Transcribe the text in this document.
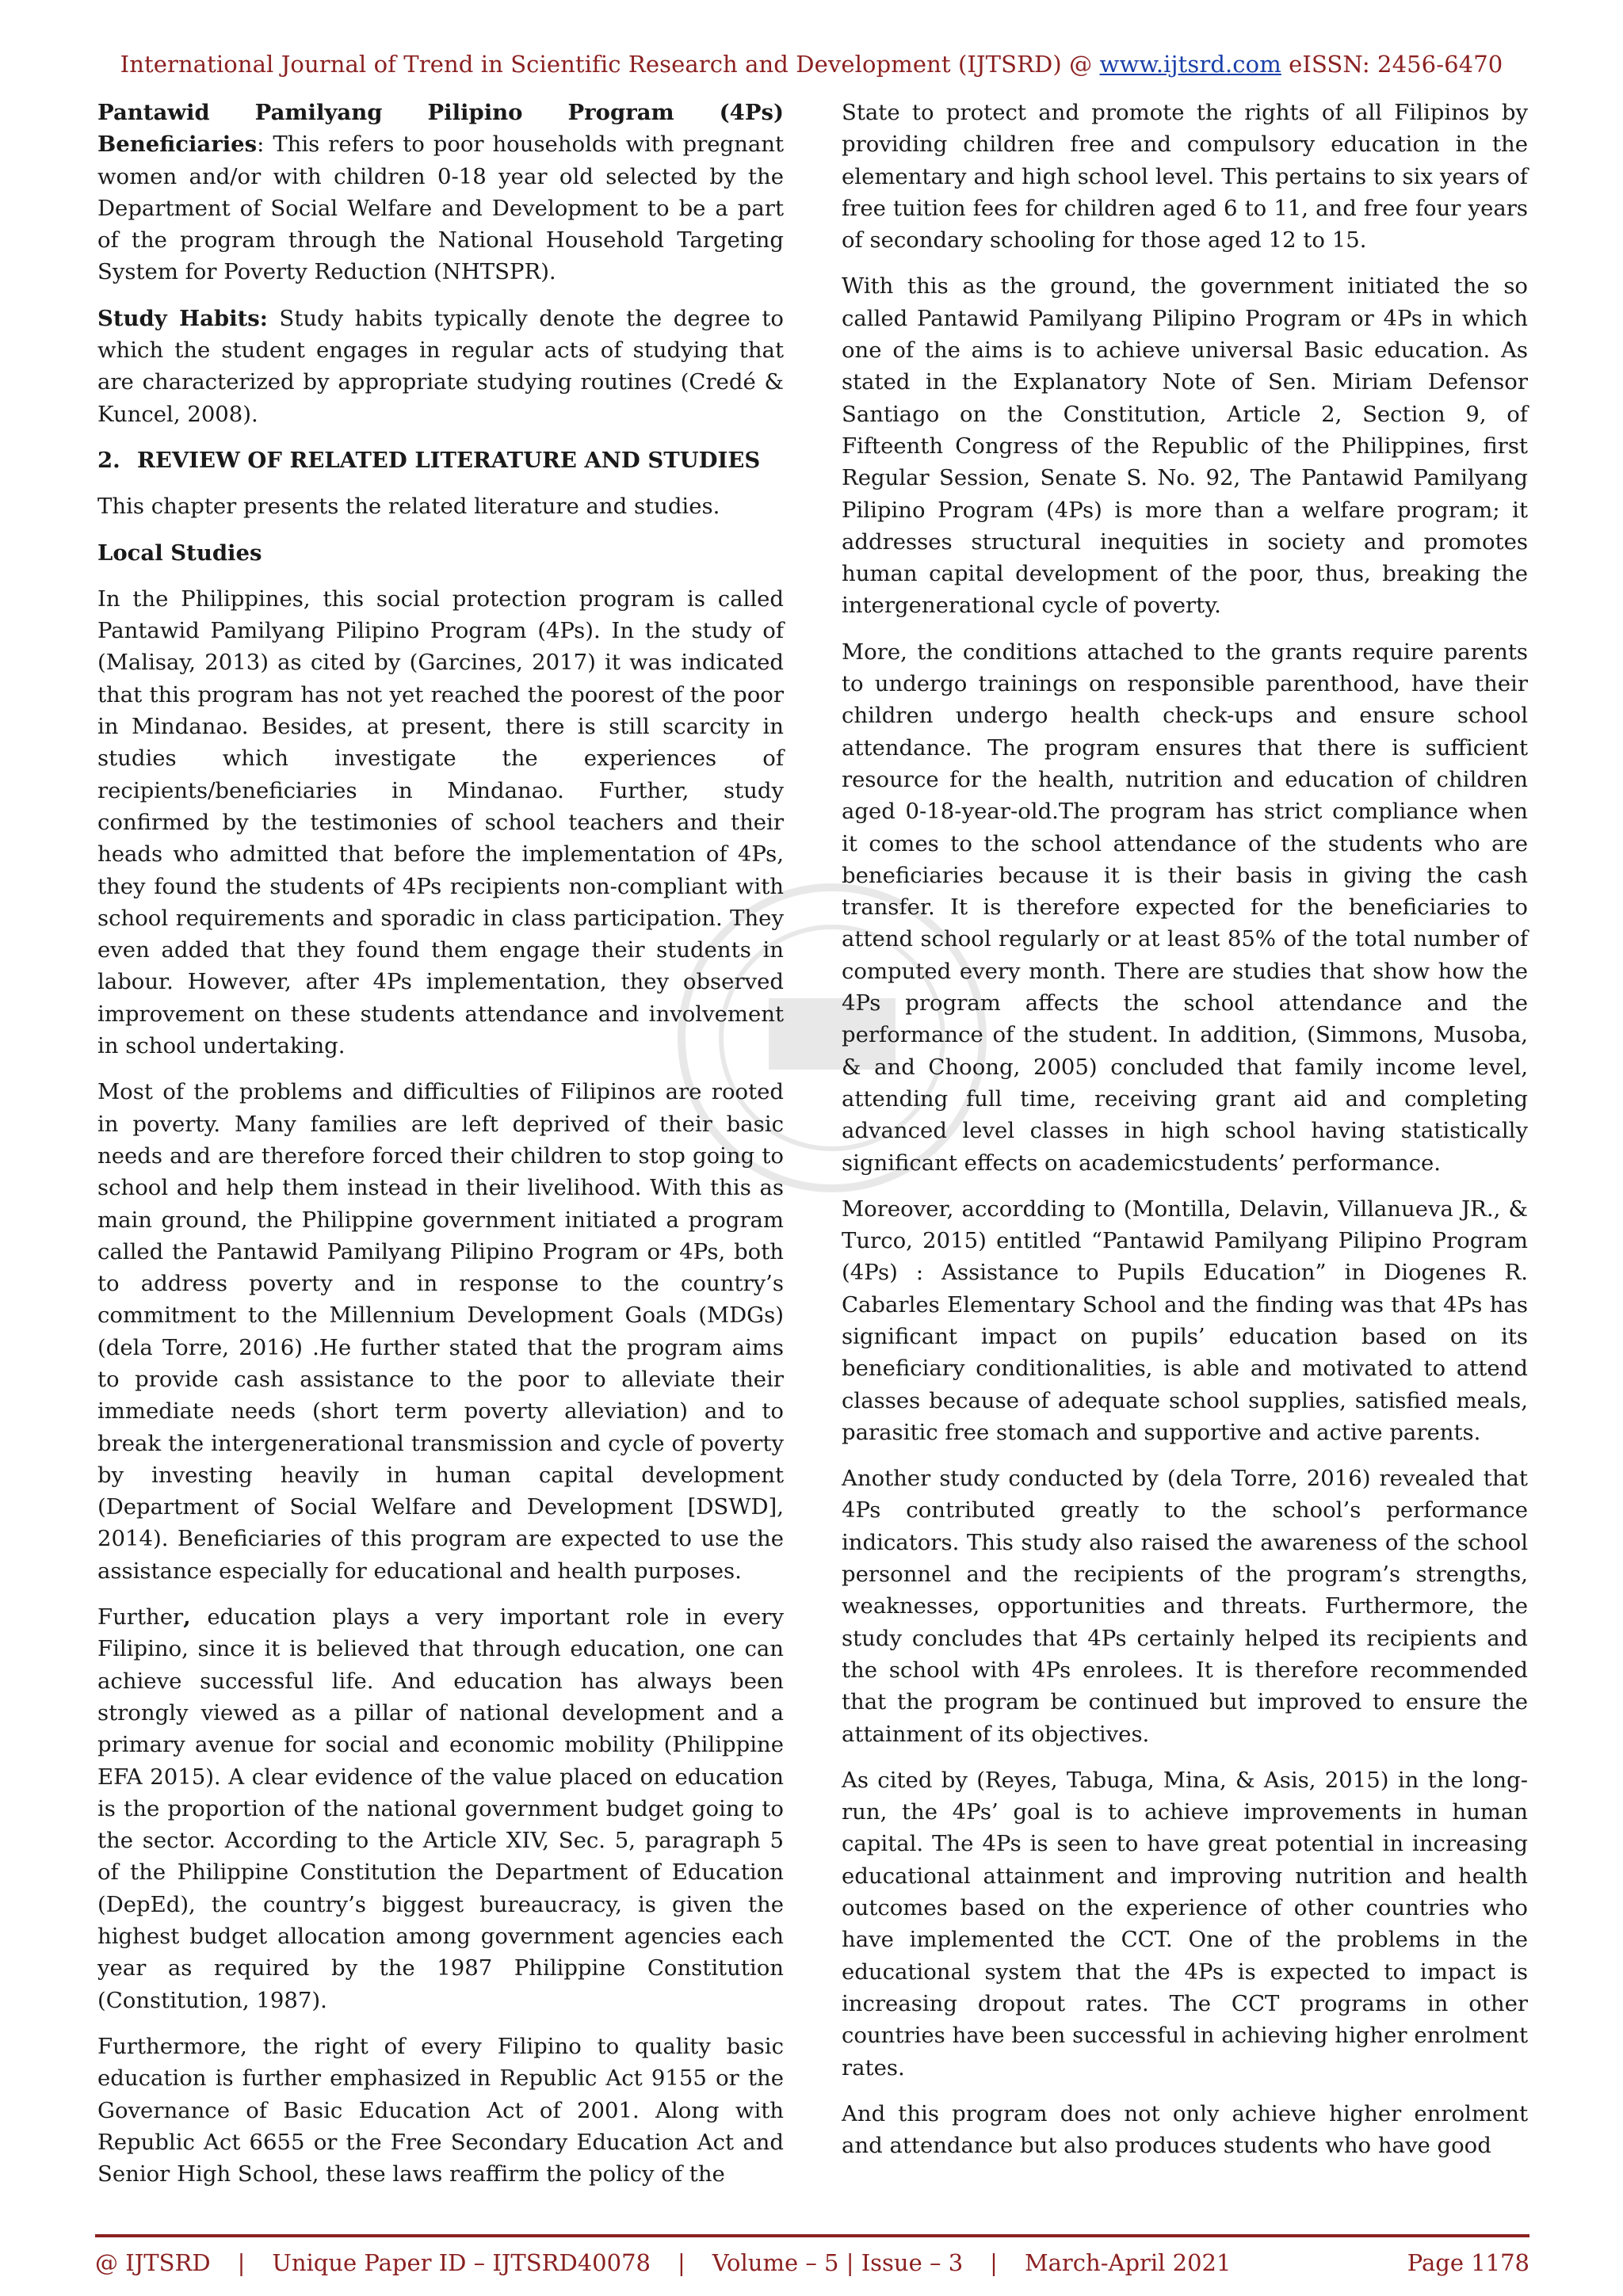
International Journal of Trend in Scientific Research and Development (IJTSRD) @ www.ijtsrd.com eISSN: 2456-6470

Pantawid Pamilyang Pilipino Program (4Ps) Beneficiaries: This refers to poor households with pregnant women and/or with children 0-18 year old selected by the Department of Social Welfare and Development to be a part of the program through the National Household Targeting System for Poverty Reduction (NHTSPR).

Study Habits: Study habits typically denote the degree to which the student engages in regular acts of studying that are characterized by appropriate studying routines (Credé & Kuncel, 2008).

2. REVIEW OF RELATED LITERATURE AND STUDIES

This chapter presents the related literature and studies.

Local Studies

In the Philippines, this social protection program is called Pantawid Pamilyang Pilipino Program (4Ps). In the study of (Malisay, 2013) as cited by (Garcines, 2017) it was indicated that this program has not yet reached the poorest of the poor in Mindanao. Besides, at present, there is still scarcity in studies which investigate the experiences of recipients/beneficiaries in Mindanao. Further, study confirmed by the testimonies of school teachers and their heads who admitted that before the implementation of 4Ps, they found the students of 4Ps recipients non-compliant with school requirements and sporadic in class participation. They even added that they found them engage their students in labour. However, after 4Ps implementation, they observed improvement on these students attendance and involvement in school undertaking.

Most of the problems and difficulties of Filipinos are rooted in poverty. Many families are left deprived of their basic needs and are therefore forced their children to stop going to school and help them instead in their livelihood. With this as main ground, the Philippine government initiated a program called the Pantawid Pamilyang Pilipino Program or 4Ps, both to address poverty and in response to the country’s commitment to the Millennium Development Goals (MDGs) (dela Torre, 2016) .He further stated that the program aims to provide cash assistance to the poor to alleviate their immediate needs (short term poverty alleviation) and to break the intergenerational transmission and cycle of poverty by investing heavily in human capital development (Department of Social Welfare and Development [DSWD], 2014). Beneficiaries of this program are expected to use the assistance especially for educational and health purposes.

Further, education plays a very important role in every Filipino, since it is believed that through education, one can achieve successful life. And education has always been strongly viewed as a pillar of national development and a primary avenue for social and economic mobility (Philippine EFA 2015). A clear evidence of the value placed on education is the proportion of the national government budget going to the sector. According to the Article XIV, Sec. 5, paragraph 5 of the Philippine Constitution the Department of Education (DepEd), the country’s biggest bureaucracy, is given the highest budget allocation among government agencies each year as required by the 1987 Philippine Constitution (Constitution, 1987).

Furthermore, the right of every Filipino to quality basic education is further emphasized in Republic Act 9155 or the Governance of Basic Education Act of 2001. Along with Republic Act 6655 or the Free Secondary Education Act and Senior High School, these laws reaffirm the policy of the

State to protect and promote the rights of all Filipinos by providing children free and compulsory education in the elementary and high school level. This pertains to six years of free tuition fees for children aged 6 to 11, and free four years of secondary schooling for those aged 12 to 15.

With this as the ground, the government initiated the so called Pantawid Pamilyang Pilipino Program or 4Ps in which one of the aims is to achieve universal Basic education. As stated in the Explanatory Note of Sen. Miriam Defensor Santiago on the Constitution, Article 2, Section 9, of Fifteenth Congress of the Republic of the Philippines, first Regular Session, Senate S. No. 92, The Pantawid Pamilyang Pilipino Program (4Ps) is more than a welfare program; it addresses structural inequities in society and promotes human capital development of the poor, thus, breaking the intergenerational cycle of poverty.

More, the conditions attached to the grants require parents to undergo trainings on responsible parenthood, have their children undergo health check-ups and ensure school attendance. The program ensures that there is sufficient resource for the health, nutrition and education of children aged 0-18-year-old.The program has strict compliance when it comes to the school attendance of the students who are beneficiaries because it is their basis in giving the cash transfer. It is therefore expected for the beneficiaries to attend school regularly or at least 85% of the total number of computed every month. There are studies that show how the 4Ps program affects the school attendance and the performance of the student. In addition, (Simmons, Musoba, & and Choong, 2005) concluded that family income level, attending full time, receiving grant aid and completing advanced level classes in high school having statistically significant effects on academicstudents’ performance.

Moreover, accordding to (Montilla, Delavin, Villanueva JR., & Turco, 2015) entitled “Pantawid Pamilyang Pilipino Program (4Ps) : Assistance to Pupils Education” in Diogenes R. Cabarles Elementary School and the finding was that 4Ps has significant impact on pupils’ education based on its beneficiary conditionalities, is able and motivated to attend classes because of adequate school supplies, satisfied meals, parasitic free stomach and supportive and active parents.

Another study conducted by (dela Torre, 2016) revealed that 4Ps contributed greatly to the school’s performance indicators. This study also raised the awareness of the school personnel and the recipients of the program’s strengths, weaknesses, opportunities and threats. Furthermore, the study concludes that 4Ps certainly helped its recipients and the school with 4Ps enrolees. It is therefore recommended that the program be continued but improved to ensure the attainment of its objectives.

As cited by (Reyes, Tabuga, Mina, & Asis, 2015) in the long-run, the 4Ps’ goal is to achieve improvements in human capital. The 4Ps is seen to have great potential in increasing educational attainment and improving nutrition and health outcomes based on the experience of other countries who have implemented the CCT. One of the problems in the educational system that the 4Ps is expected to impact is increasing dropout rates. The CCT programs in other countries have been successful in achieving higher enrolment rates.

And this program does not only achieve higher enrolment and attendance but also produces students who have good

@ IJTSRD | Unique Paper ID – IJTSRD40078 | Volume – 5 | Issue – 3 | March-April 2021	Page 1178
